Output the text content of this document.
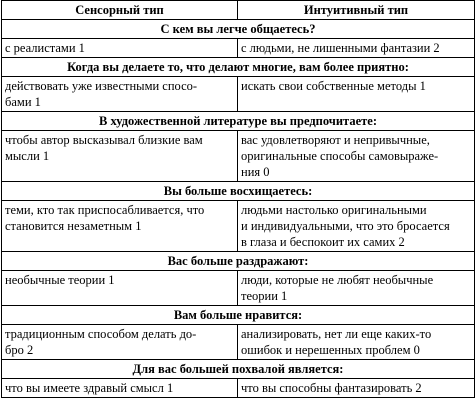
Сенсорный тип	Интуитивный тип
С кем вы легче общаетесь?	
с реалистами 1	с людьми, не лишенными фантазии 2
Когда вы делаете то, что делают многие, вам более приятно:	
действовать уже известными спосо-
бами 1	искать свои собственные методы 1
В художественной литературе вы предпочитаете:	
чтобы автор высказывал близкие вам
мысли 1	вас удовлетворяют и непривычные,
оригинальные способы самовыраже-
ния 0
Вы больше восхищаетесь:	
теми, кто так приспосабливается, что
становится незаметным 1	людьми настолько оригинальными
и индивидуальными, что это бросается
в глаза и беспокоит их самих 2
Вас больше раздражают:	
необычные теории 1	люди, которые не любят необычные
теории 1
Вам больше нравится:	
традиционным способом делать до-
бро 2	анализировать, нет ли еще каких-то
ошибок и нерешенных проблем 0
Для вас большей похвалой является:	
что вы имеете здравый смысл 1	что вы способны фантазировать 2
